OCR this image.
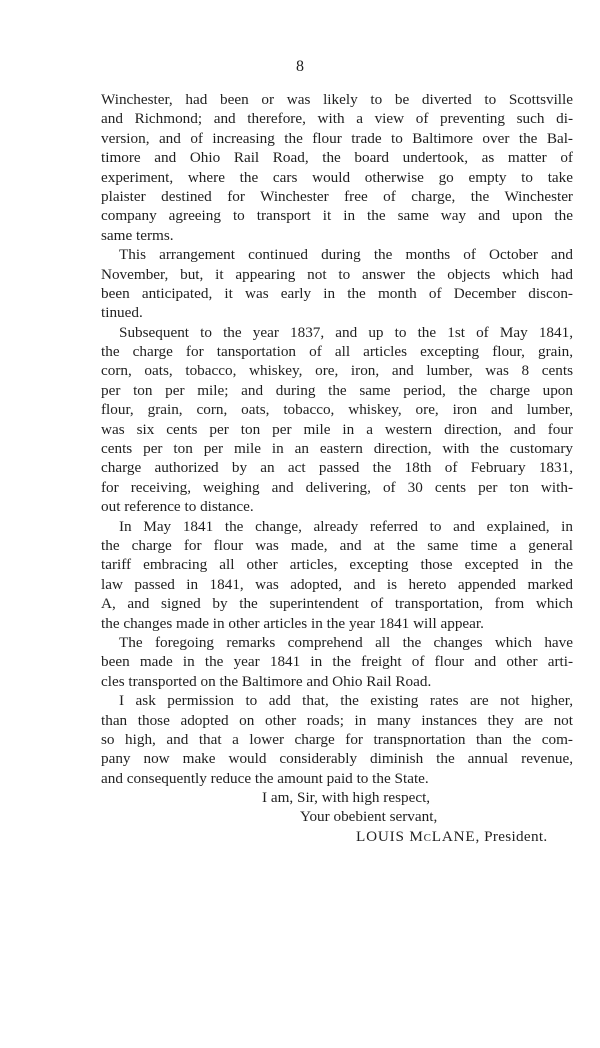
8
Winchester, had been or was likely to be diverted to Scottsville
and Richmond; and therefore, with a view of preventing such di-
version, and of increasing the flour trade to Baltimore over the Bal-
timore and Ohio Rail Road, the board undertook, as matter of
experiment, where the cars would otherwise go empty to take
plaister destined for Winchester free of charge, the Winchester
company agreeing to transport it in the same way and upon the
same terms.
This arrangement continued during the months of October and
November, but, it appearing not to answer the objects which had
been anticipated, it was early in the month of December discon-
tinued.
Subsequent to the year 1837, and up to the 1st of May 1841,
the charge for tansportation of all articles excepting flour, grain,
corn, oats, tobacco, whiskey, ore, iron, and lumber, was 8 cents
per ton per mile; and during the same period, the charge upon
flour, grain, corn, oats, tobacco, whiskey, ore, iron and lumber,
was six cents per ton per mile in a western direction, and four
cents per ton per mile in an eastern direction, with the customary
charge authorized by an act passed the 18th of February 1831,
for receiving, weighing and delivering, of 30 cents per ton with-
out reference to distance.
In May 1841 the change, already referred to and explained, in
the charge for flour was made, and at the same time a general
tariff embracing all other articles, excepting those excepted in the
law passed in 1841, was adopted, and is hereto appended marked
A, and signed by the superintendent of transportation, from which
the changes made in other articles in the year 1841 will appear.
The foregoing remarks comprehend all the changes which have
been made in the year 1841 in the freight of flour and other arti-
cles transported on the Baltimore and Ohio Rail Road.
I ask permission to add that, the existing rates are not higher,
than those adopted on other roads; in many instances they are not
so high, and that a lower charge for transpnortation than the com-
pany now make would considerably diminish the annual revenue,
and consequently reduce the amount paid to the State.
I am, Sir, with high respect,
Your obebient servant,
LOUIS McLANE, President.
